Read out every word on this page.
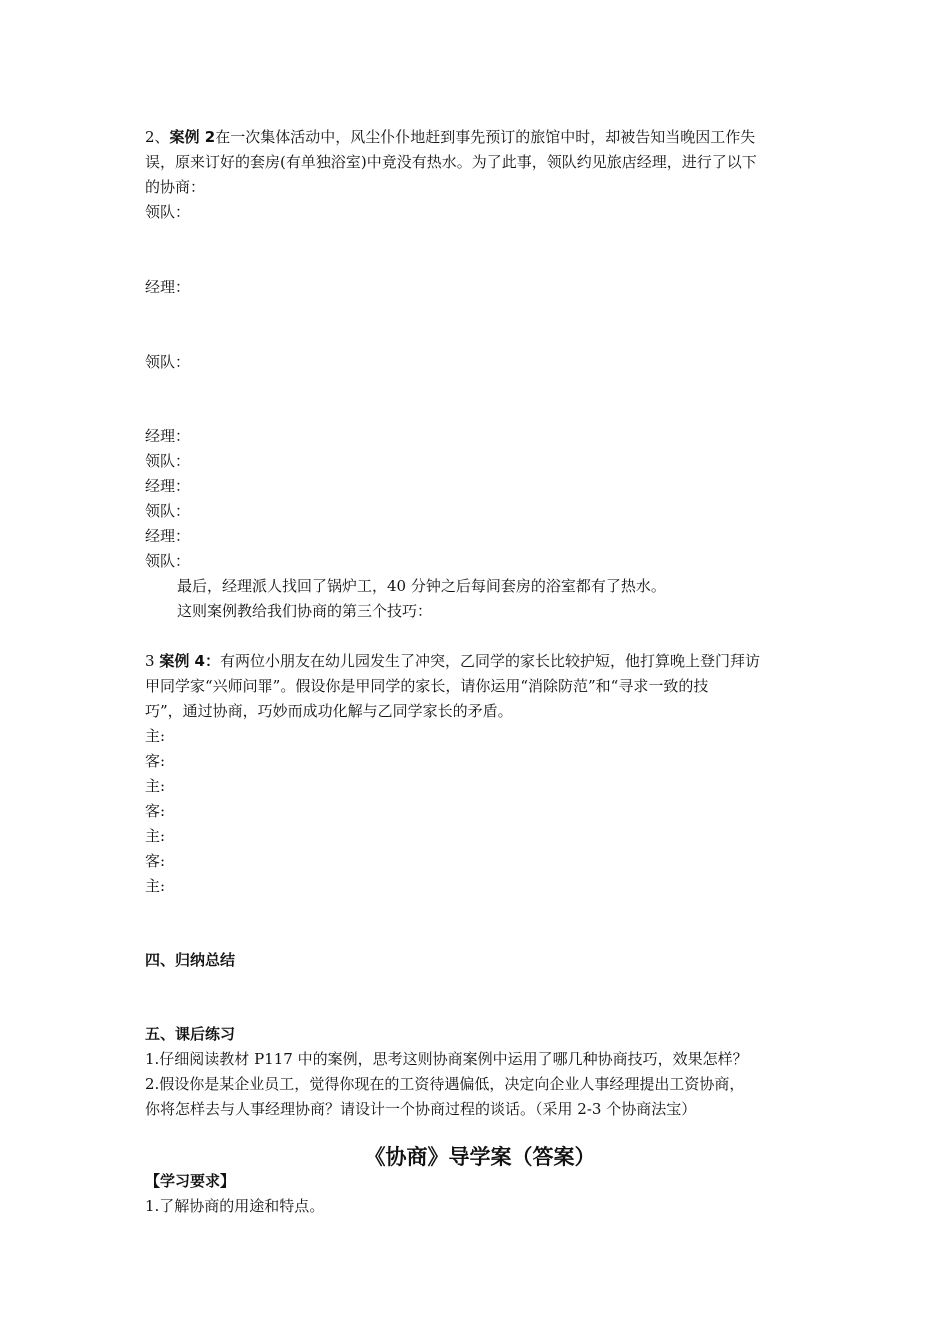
2、案例 2在一次集体活动中，风尘仆仆地赶到事先预订的旅馆中时，却被告知当晚因工作失
误，原来订好的套房(有单独浴室)中竟没有热水。为了此事，领队约见旅店经理，进行了以下
的协商：
领队：
经理：
领队：
经理：
领队：
经理：
领队：
经理：
领队：
最后，经理派人找回了锅炉工，40 分钟之后每间套房的浴室都有了热水。
这则案例教给我们协商的第三个技巧：
3 案例 4：有两位小朋友在幼儿园发生了冲突，乙同学的家长比较护短，他打算晚上登门拜访
甲同学家“兴师问罪”。假设你是甲同学的家长，请你运用“消除防范”和“寻求一致的技
巧”，通过协商，巧妙而成功化解与乙同学家长的矛盾。
主:
客:
主:
客:
主:
客:
主:
四、归纳总结
五、课后练习
1.仔细阅读教材 P117 中的案例，思考这则协商案例中运用了哪几种协商技巧，效果怎样？
2.假设你是某企业员工，觉得你现在的工资待遇偏低，决定向企业人事经理提出工资协商，
你将怎样去与人事经理协商？请设计一个协商过程的谈话。（采用 2-3 个协商法宝）
《协商》导学案（答案）
【学习要求】
1.了解协商的用途和特点。
